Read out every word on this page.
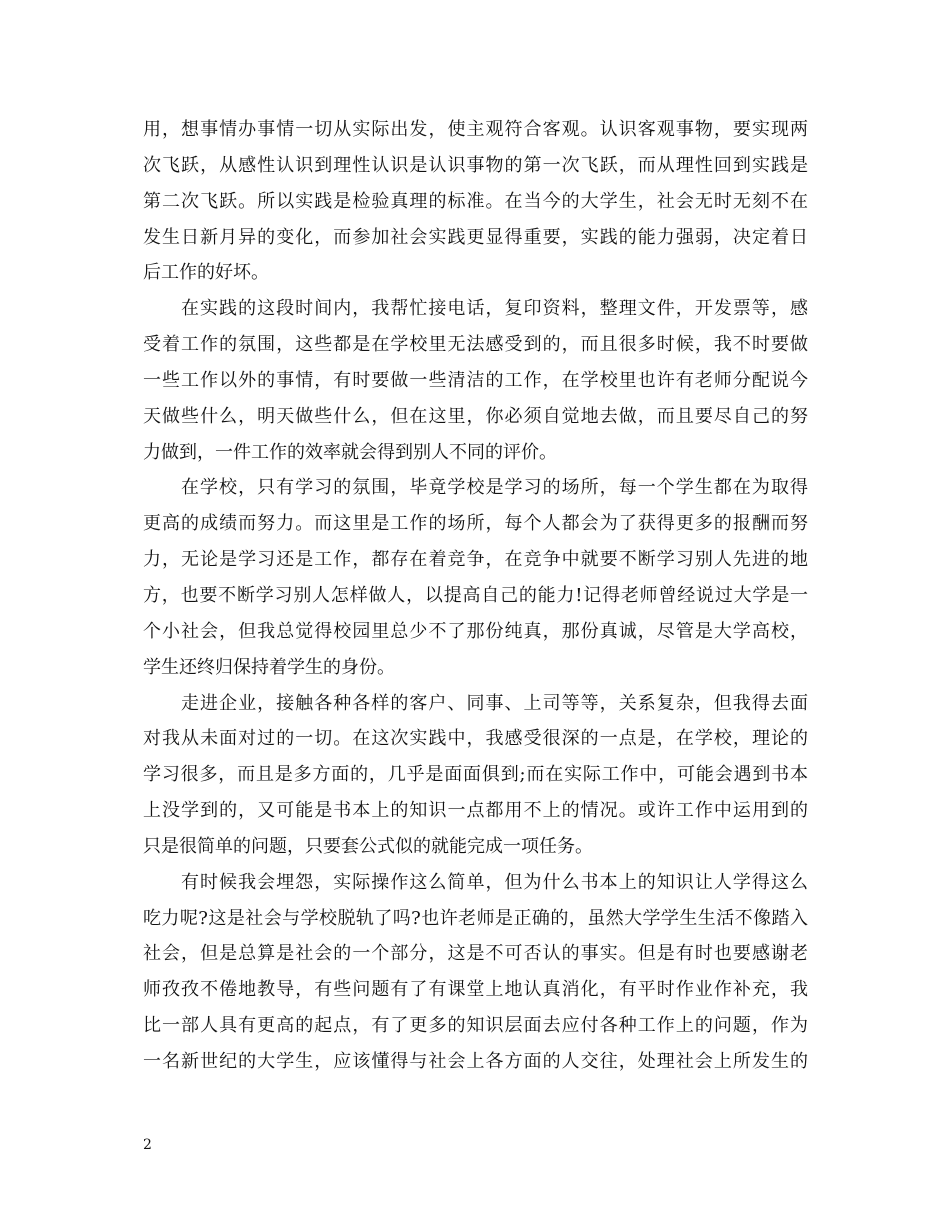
用，想事情办事情一切从实际出发，使主观符合客观。认识客观事物，要实现两
次飞跃，从感性认识到理性认识是认识事物的第一次飞跃，而从理性回到实践是
第二次飞跃。所以实践是检验真理的标准。在当今的大学生，社会无时无刻不在
发生日新月异的变化，而参加社会实践更显得重要，实践的能力强弱，决定着日
后工作的好坏。
在实践的这段时间内，我帮忙接电话，复印资料，整理文件，开发票等，感
受着工作的氛围，这些都是在学校里无法感受到的，而且很多时候，我不时要做
一些工作以外的事情，有时要做一些清洁的工作，在学校里也许有老师分配说今
天做些什么，明天做些什么，但在这里，你必须自觉地去做，而且要尽自己的努
力做到，一件工作的效率就会得到别人不同的评价。
在学校，只有学习的氛围，毕竟学校是学习的场所，每一个学生都在为取得
更高的成绩而努力。而这里是工作的场所，每个人都会为了获得更多的报酬而努
力，无论是学习还是工作，都存在着竞争，在竞争中就要不断学习别人先进的地
方，也要不断学习别人怎样做人，以提高自己的能力!记得老师曾经说过大学是一
个小社会，但我总觉得校园里总少不了那份纯真，那份真诚，尽管是大学高校，
学生还终归保持着学生的身份。
走进企业，接触各种各样的客户、同事、上司等等，关系复杂，但我得去面
对我从未面对过的一切。在这次实践中，我感受很深的一点是，在学校，理论的
学习很多，而且是多方面的，几乎是面面俱到;而在实际工作中，可能会遇到书本
上没学到的，又可能是书本上的知识一点都用不上的情况。或许工作中运用到的
只是很简单的问题，只要套公式似的就能完成一项任务。
有时候我会埋怨，实际操作这么简单，但为什么书本上的知识让人学得这么
吃力呢?这是社会与学校脱轨了吗?也许老师是正确的，虽然大学学生生活不像踏入
社会，但是总算是社会的一个部分，这是不可否认的事实。但是有时也要感谢老
师孜孜不倦地教导，有些问题有了有课堂上地认真消化，有平时作业作补充，我
比一部人具有更高的起点，有了更多的知识层面去应付各种工作上的问题，作为
一名新世纪的大学生，应该懂得与社会上各方面的人交往，处理社会上所发生的
2
